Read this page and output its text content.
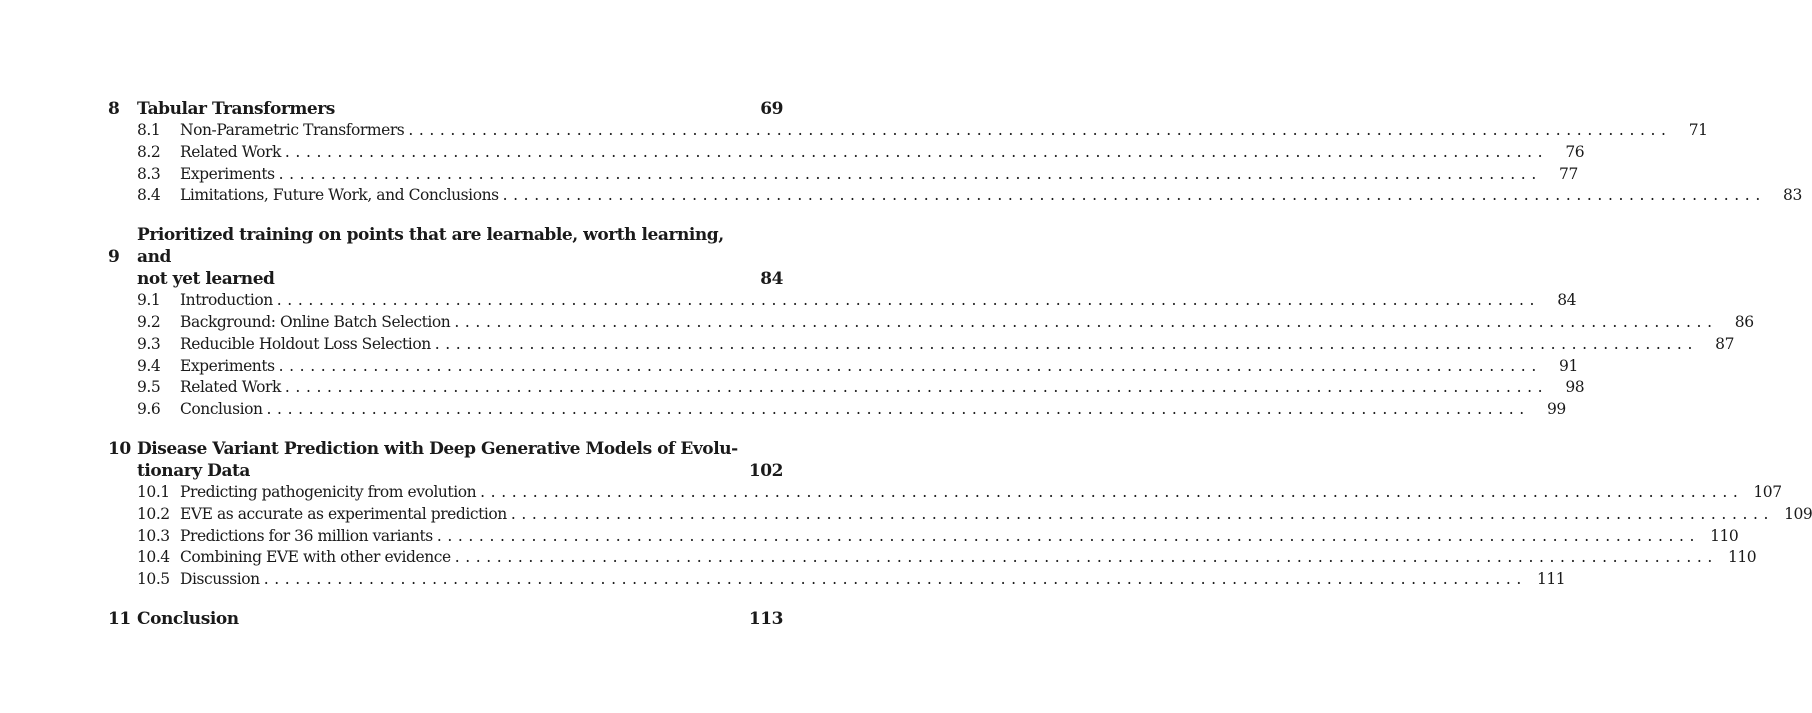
8	Tabular Transformers	69
8.1	Non-Parametric Transformers ........................................................................................................................	71
8.2	Related Work ........................................................................................................................	76
8.3	Experiments ........................................................................................................................	77
8.4	Limitations, Future Work, and Conclusions ........................................................................................................................	83
9
Prioritized training on points that are learnable, worth learning, and
not yet learned	84
9.1	Introduction ........................................................................................................................	84
9.2	Background: Online Batch Selection ........................................................................................................................	86
9.3	Reducible Holdout Loss Selection ........................................................................................................................	87
9.4	Experiments ........................................................................................................................	91
9.5	Related Work ........................................................................................................................	98
9.6	Conclusion ........................................................................................................................	99
10 Disease Variant Prediction with Deep Generative Models of Evolu-
tionary Data	102
10.1 Predicting pathogenicity from evolution ........................................................................................................................ 107
10.2 EVE as accurate as experimental prediction ........................................................................................................................ 109
10.3 Predictions for 36 million variants ........................................................................................................................ 110
10.4 Combining EVE with other evidence ........................................................................................................................ 110
10.5 Discussion ........................................................................................................................ 111
11 Conclusion	113
